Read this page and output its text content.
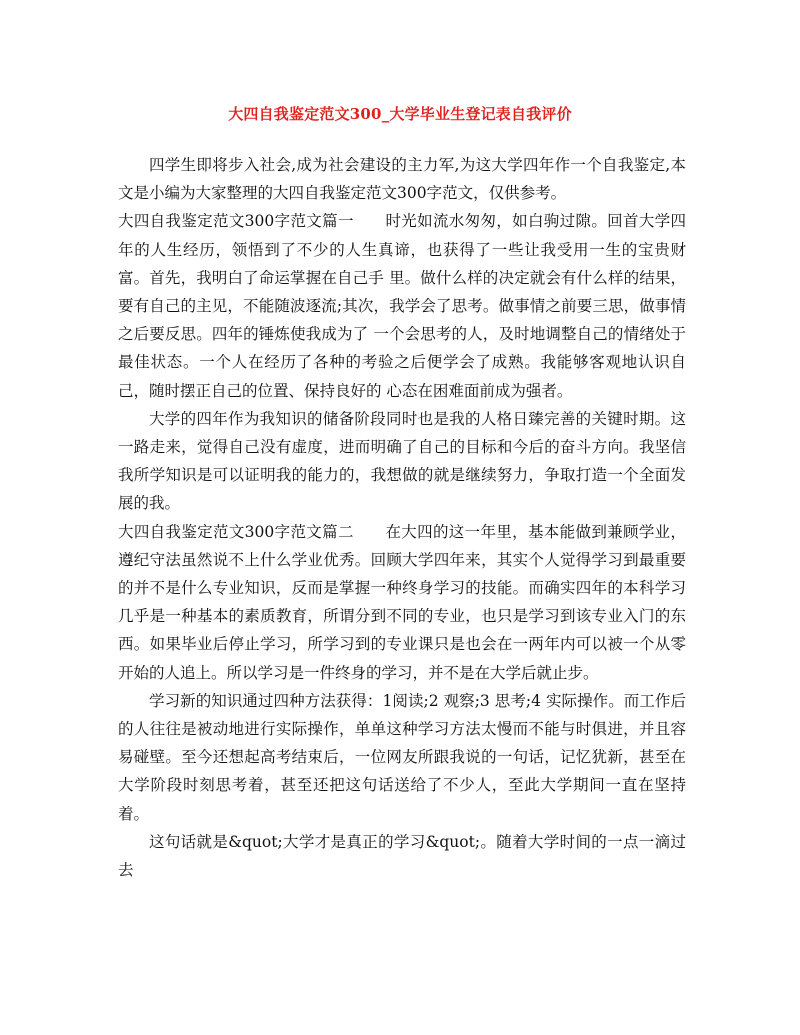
大四自我鉴定范文300_大学毕业生登记表自我评价

四学生即将步入社会,成为社会建设的主力军,为这大学四年作一个自我鉴定,本文是小编为大家整理的大四自我鉴定范文300字范文，仅供参考。

大四自我鉴定范文300字范文篇一　　时光如流水匆匆，如白驹过隙。回首大学四年的人生经历，领悟到了不少的人生真谛，也获得了一些让我受用一生的宝贵财富。首先，我明白了命运掌握在自己手 里。做什么样的决定就会有什么样的结果，要有自己的主见，不能随波逐流;其次，我学会了思考。做事情之前要三思，做事情之后要反思。四年的锤炼使我成为了 一个会思考的人，及时地调整自己的情绪处于最佳状态。一个人在经历了各种的考验之后便学会了成熟。我能够客观地认识自己，随时摆正自己的位置、保持良好的 心态在困难面前成为强者。

大学的四年作为我知识的储备阶段同时也是我的人格日臻完善的关键时期。这一路走来，觉得自己没有虚度，进而明确了自己的目标和今后的奋斗方向。我坚信我所学知识是可以证明我的能力的，我想做的就是继续努力，争取打造一个全面发展的我。

大四自我鉴定范文300字范文篇二　　在大四的这一年里，基本能做到兼顾学业，遵纪守法虽然说不上什么学业优秀。回顾大学四年来，其实个人觉得学习到最重要的并不是什么专业知识，反而是掌握一种终身学习的技能。而确实四年的本科学习几乎是一种基本的素质教育，所谓分到不同的专业，也只是学习到该专业入门的东西。如果毕业后停止学习，所学习到的专业课只是也会在一两年内可以被一个从零开始的人追上。所以学习是一件终身的学习，并不是在大学后就止步。

学习新的知识通过四种方法获得：1阅读;2 观察;3 思考;4 实际操作。而工作后的人往往是被动地进行实际操作，单单这种学习方法太慢而不能与时俱进，并且容易碰壁。至今还想起高考结束后，一位网友所跟我说的一句话，记忆犹新，甚至在大学阶段时刻思考着，甚至还把这句话送给了不少人，至此大学期间一直在坚持着。

这句话就是&quot;大学才是真正的学习&quot;。随着大学时间的一点一滴过去
